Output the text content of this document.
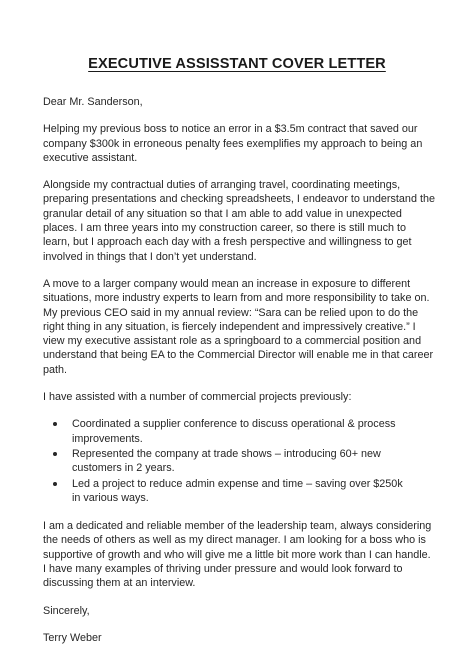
EXECUTIVE ASSISSTANT COVER LETTER

Dear Mr. Sanderson,

Helping my previous boss to notice an error in a $3.5m contract that saved our company $300k in erroneous penalty fees exemplifies my approach to being an executive assistant.

Alongside my contractual duties of arranging travel, coordinating meetings, preparing presentations and checking spreadsheets, I endeavor to understand the granular detail of any situation so that I am able to add value in unexpected places. I am three years into my construction career, so there is still much to learn, but I approach each day with a fresh perspective and willingness to get involved in things that I don’t yet understand.

A move to a larger company would mean an increase in exposure to different situations, more industry experts to learn from and more responsibility to take on. My previous CEO said in my annual review: “Sara can be relied upon to do the right thing in any situation, is fiercely independent and impressively creative.” I view my executive assistant role as a springboard to a commercial position and understand that being EA to the Commercial Director will enable me in that career path.

I have assisted with a number of commercial projects previously:

Coordinated a supplier conference to discuss operational & process improvements.
Represented the company at trade shows – introducing 60+ new customers in 2 years.
Led a project to reduce admin expense and time – saving over $250k in various ways.

I am a dedicated and reliable member of the leadership team, always considering the needs of others as well as my direct manager. I am looking for a boss who is supportive of growth and who will give me a little bit more work than I can handle. I have many examples of thriving under pressure and would look forward to discussing them at an interview.

Sincerely,

Terry Weber
